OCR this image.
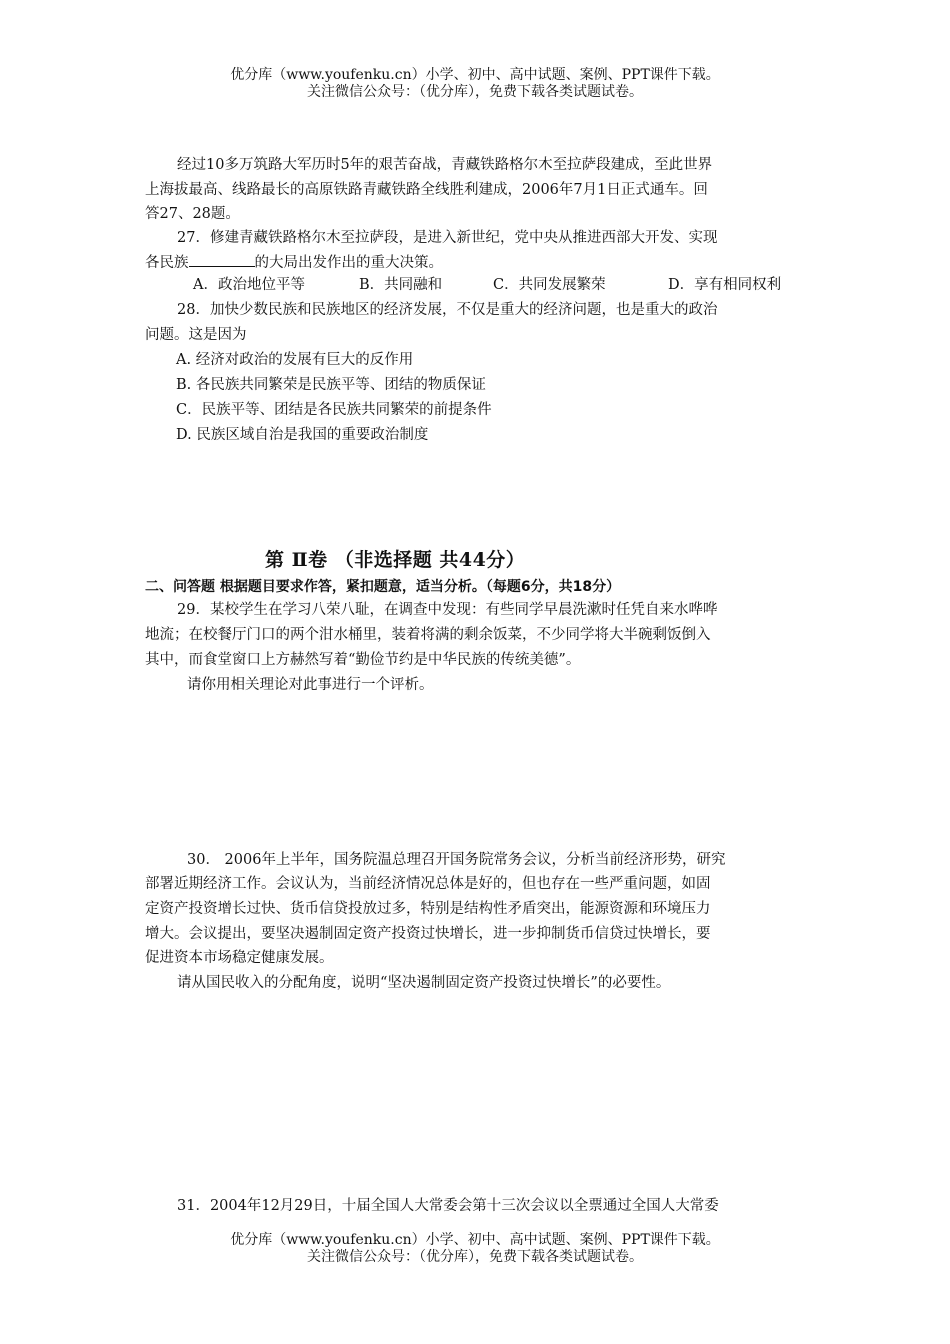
优分库（www.youfenku.cn）小学、初中、高中试题、案例、PPT课件下载。
关注微信公众号：（优分库），免费下载各类试题试卷。
经过10多万筑路大军历时5年的艰苦奋战，青藏铁路格尔木至拉萨段建成，至此世界
上海拔最高、线路最长的高原铁路青藏铁路全线胜利建成，2006年7月1日正式通车。回
答27、28题。
27．修建青藏铁路格尔木至拉萨段，是进入新世纪，党中央从推进西部大开发、实现
各民族	的大局出发作出的重大决策。
A．政治地位平等	B．共同融和	C．共同发展繁荣	D．享有相同权利
28．加快少数民族和民族地区的经济发展，不仅是重大的经济问题，也是重大的政治
问题。这是因为
A. 经济对政治的发展有巨大的反作用
B. 各民族共同繁荣是民族平等、团结的物质保证
C．民族平等、团结是各民族共同繁荣的前提条件
D. 民族区域自治是我国的重要政治制度
第 Ⅱ卷 （非选择题 共44分）
二、问答题 根据题目要求作答，紧扣题意，适当分析。（每题6分，共18分）
29．某校学生在学习八荣八耻，在调查中发现：有些同学早晨洗漱时任凭自来水哗哗
地流；在校餐厅门口的两个泔水桶里，装着将满的剩余饭菜，不少同学将大半碗剩饭倒入
其中，而食堂窗口上方赫然写着“勤俭节约是中华民族的传统美德”。
请你用相关理论对此事进行一个评析。
30． 2006年上半年，国务院温总理召开国务院常务会议，分析当前经济形势，研究
部署近期经济工作。会议认为，当前经济情况总体是好的，但也存在一些严重问题，如固
定资产投资增长过快、货币信贷投放过多，特别是结构性矛盾突出，能源资源和环境压力
增大。会议提出，要坚决遏制固定资产投资过快增长，进一步抑制货币信贷过快增长，要
促进资本市场稳定健康发展。
请从国民收入的分配角度，说明“坚决遏制固定资产投资过快增长”的必要性。
31．2004年12月29日，十届全国人大常委会第十三次会议以全票通过全国人大常委
优分库（www.youfenku.cn）小学、初中、高中试题、案例、PPT课件下载。
关注微信公众号：（优分库），免费下载各类试题试卷。
